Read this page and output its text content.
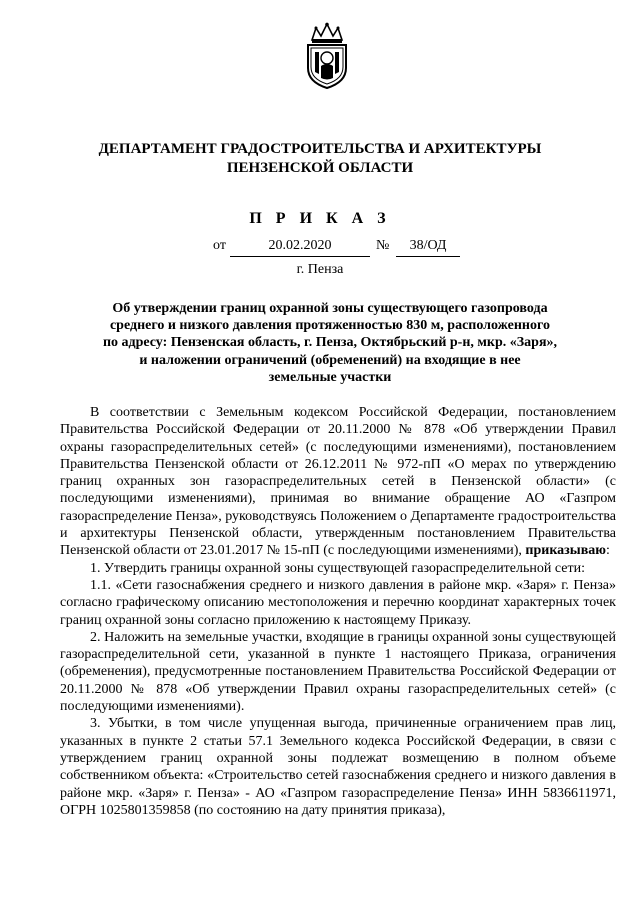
ДЕПАРТАМЕНТ ГРАДОСТРОИТЕЛЬСТВА И АРХИТЕКТУРЫ
ПЕНЗЕНСКОЙ ОБЛАСТИ
П Р И К А З
от	20.02.2020	№	38/ОД
г. Пенза
Об утверждении границ охранной зоны существующего газопровода
среднего и низкого давления протяженностью 830 м, расположенного
по адресу: Пензенская область, г. Пенза, Октябрьский р-н, мкр. «Заря»,
и наложении ограничений (обременений) на входящие в нее
земельные участки

В соответствии с Земельным кодексом Российской Федерации, постановлением Правительства Российской Федерации от 20.11.2000 № 878 «Об утверждении Правил охраны газораспределительных сетей» (с последующими изменениями), постановлением Правительства Пензенской области от 26.12.2011 № 972-пП «О мерах по утверждению границ охранных зон газораспределительных сетей в Пензенской области» (с последующими изменениями), принимая во внимание обращение АО «Газпром газораспределение Пенза», руководствуясь Положением о Департаменте градостроительства и архитектуры Пензенской области, утвержденным постановлением Правительства Пензенской области от 23.01.2017 № 15-пП (с последующими изменениями), приказываю:

1. Утвердить границы охранной зоны существующей газораспределительной сети:

1.1. «Сети газоснабжения среднего и низкого давления в районе мкр. «Заря» г. Пенза» согласно графическому описанию местоположения и перечню координат характерных точек границ охранной зоны согласно приложению к настоящему Приказу.

2. Наложить на земельные участки, входящие в границы охранной зоны существующей газораспределительной сети, указанной в пункте 1 настоящего Приказа, ограничения (обременения), предусмотренные постановлением Правительства Российской Федерации от 20.11.2000 № 878 «Об утверждении Правил охраны газораспределительных сетей» (с последующими изменениями).

3. Убытки, в том числе упущенная выгода, причиненные ограничением прав лиц, указанных в пункте 2 статьи 57.1 Земельного кодекса Российской Федерации, в связи с утверждением границ охранной зоны подлежат возмещению в полном объеме собственником объекта: «Строительство сетей газоснабжения среднего и низкого давления в районе мкр. «Заря» г. Пенза» - АО «Газпром газораспределение Пенза» ИНН 5836611971, ОГРН 1025801359858 (по состоянию на дату принятия приказа),
